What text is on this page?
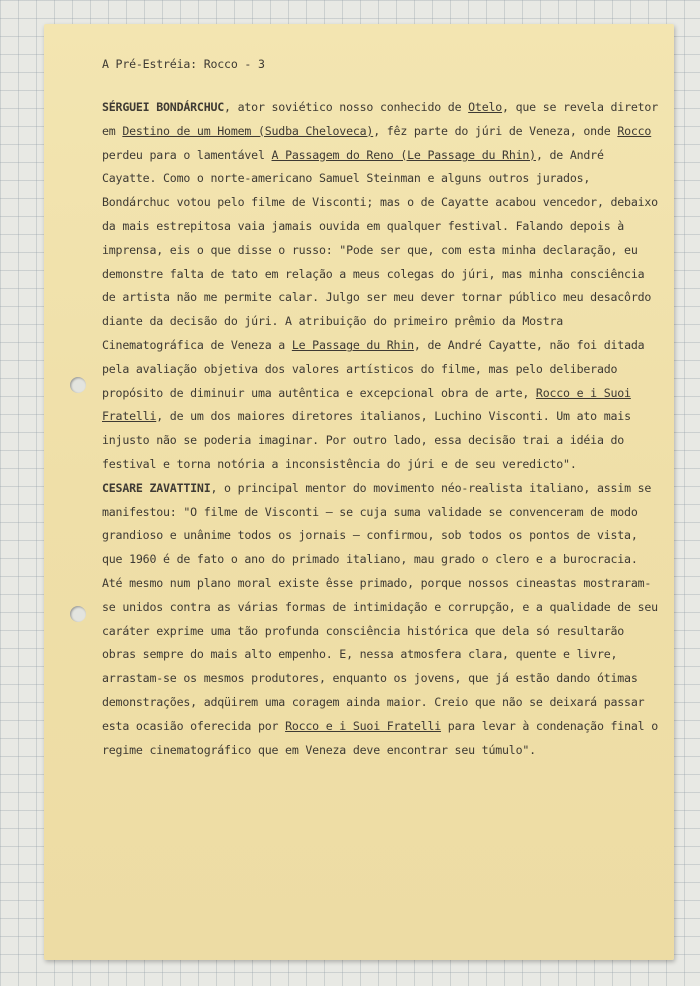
A Pré-Estréia: Rocco - 3

SÉRGUEI BONDÁRCHUC, ator soviético nosso conhecido de Otelo, que se revela diretor em Destino de um Homem (Sudba Cheloveca), fêz parte do júri de Veneza, onde Rocco perdeu para o lamentável A Passagem do Reno (Le Passage du Rhin), de André Cayatte. Como o norte-americano Samuel Steinman e alguns outros jurados, Bondárchuc votou pelo filme de Visconti; mas o de Cayatte acabou vencedor, debaixo da mais estrepitosa vaia jamais ouvida em qualquer festival. Falando depois à imprensa, eis o que disse o russo: "Pode ser que, com esta minha declaração, eu demonstre falta de tato em relação a meus colegas do júri, mas minha consciência de artista não me permite calar. Julgo ser meu dever tornar público meu desacôrdo diante da decisão do júri. A atribuição do primeiro prêmio da Mostra Cinematográfica de Veneza a Le Passage du Rhin, de André Cayatte, não foi ditada pela avaliação objetiva dos valores artísticos do filme, mas pelo deliberado propósito de diminuir uma autêntica e excepcional obra de arte, Rocco e i Suoi Fratelli, de um dos maiores diretores italianos, Luchino Visconti. Um ato mais injusto não se poderia imaginar. Por outro lado, essa decisão trai a idéia do festival e torna notória a inconsistência do júri e de seu veredicto".

CESARE ZAVATTINI, o principal mentor do movimento néo-realista italiano, assim se manifestou: "O filme de Visconti — se cuja suma validade se convenceram de modo grandioso e unânime todos os jornais — confirmou, sob todos os pontos de vista, que 1960 é de fato o ano do primado italiano, mau grado o clero e a burocracia. Até mesmo num plano moral existe êsse primado, porque nossos cineastas mostraram-se unidos contra as várias formas de intimidação e corrupção, e a qualidade de seu caráter exprime uma tão profunda consciência histórica que dela só resultarão obras sempre do mais alto empenho. E, nessa atmosfera clara, quente e livre, arrastam-se os mesmos produtores, enquanto os jovens, que já estão dando ótimas demonstrações, adqüirem uma coragem ainda maior. Creio que não se deixará passar esta ocasião oferecida por Rocco e i Suoi Fratelli para levar à condenação final o regime cinematográfico que em Veneza deve encontrar seu túmulo".
